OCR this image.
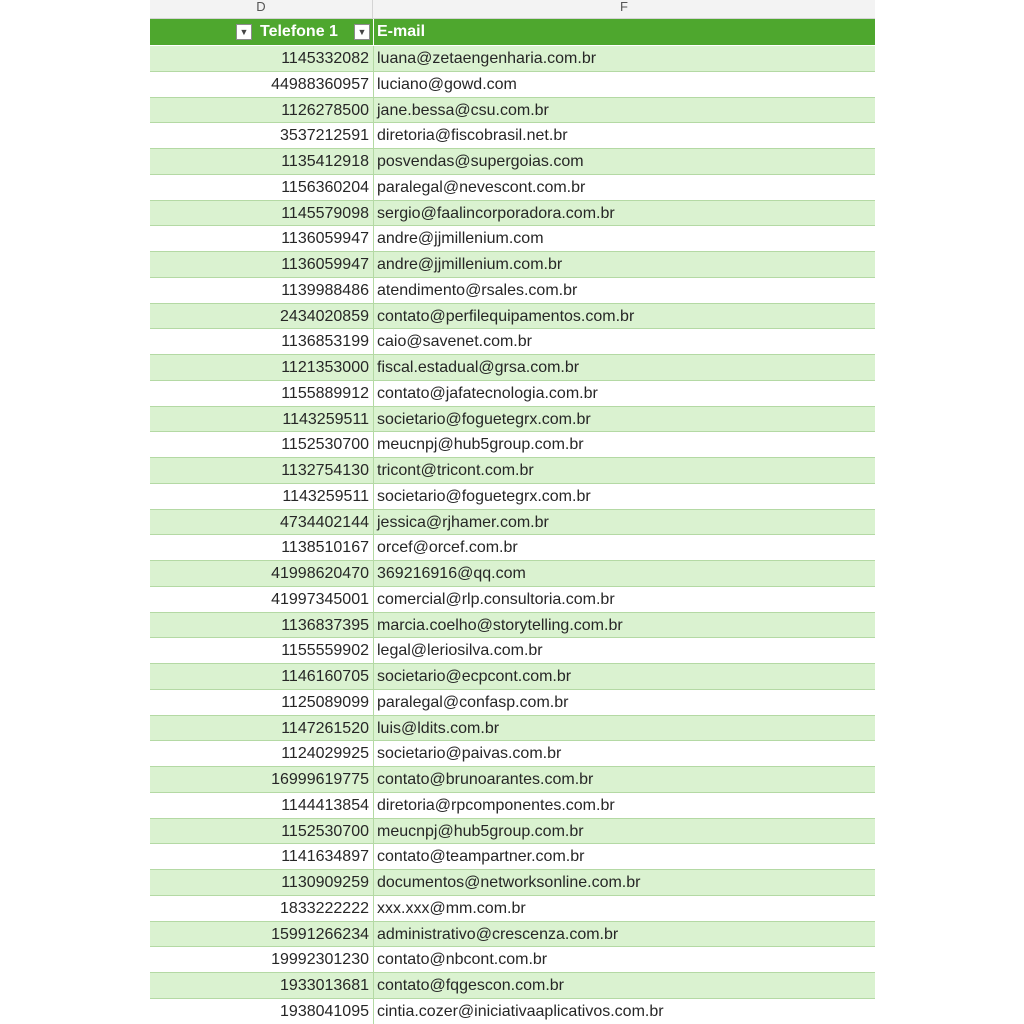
D	F
▼ Telefone 1	▼ E-mail
1145332082 luana@zetaengenharia.com.br
44988360957 luciano@gowd.com
1126278500 jane.bessa@csu.com.br
3537212591 diretoria@fiscobrasil.net.br
1135412918 posvendas@supergoias.com
1156360204 paralegal@nevescont.com.br
1145579098 sergio@faalincorporadora.com.br
1136059947 andre@jjmillenium.com
1136059947 andre@jjmillenium.com.br
1139988486 atendimento@rsales.com.br
2434020859 contato@perfilequipamentos.com.br
1136853199 caio@savenet.com.br
1121353000 fiscal.estadual@grsa.com.br
1155889912 contato@jafatecnologia.com.br
1143259511 societario@foguetegrx.com.br
1152530700 meucnpj@hub5group.com.br
1132754130 tricont@tricont.com.br
1143259511 societario@foguetegrx.com.br
4734402144 jessica@rjhamer.com.br
1138510167 orcef@orcef.com.br
41998620470 369216916@qq.com
41997345001 comercial@rlp.consultoria.com.br
1136837395 marcia.coelho@storytelling.com.br
1155559902 legal@leriosilva.com.br
1146160705 societario@ecpcont.com.br
1125089099 paralegal@confasp.com.br
1147261520 luis@ldits.com.br
1124029925 societario@paivas.com.br
16999619775 contato@brunoarantes.com.br
1144413854 diretoria@rpcomponentes.com.br
1152530700 meucnpj@hub5group.com.br
1141634897 contato@teampartner.com.br
1130909259 documentos@networksonline.com.br
1833222222 xxx.xxx@mm.com.br
15991266234 administrativo@crescenza.com.br
19992301230 contato@nbcont.com.br
1933013681 contato@fqgescon.com.br
1938041095 cintia.cozer@iniciativaaplicativos.com.br
